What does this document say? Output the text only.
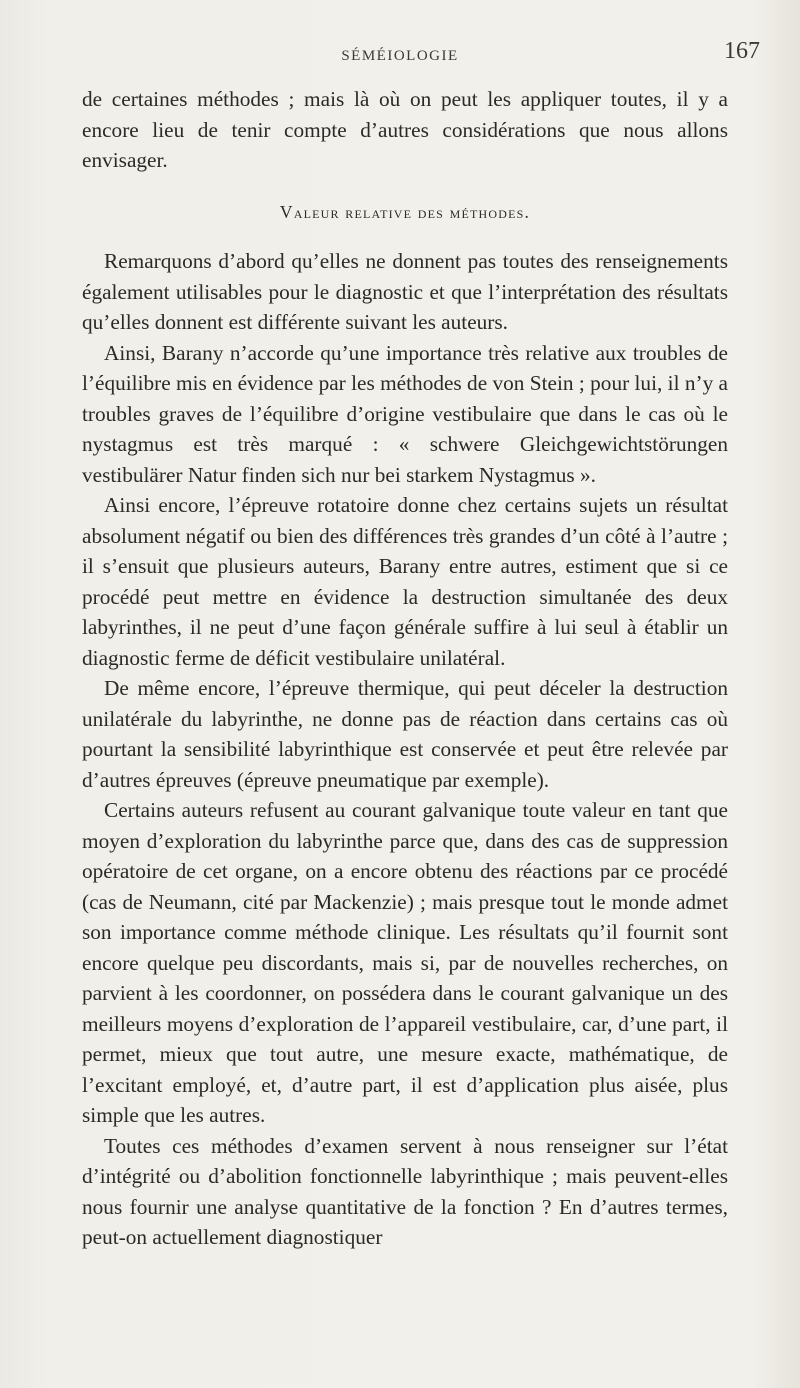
SÉMÉIOLOGIE	167

de certaines méthodes ; mais là où on peut les appliquer toutes, il y a encore lieu de tenir compte d’autres considérations que nous allons envisager.

Valeur relative des méthodes.

Remarquons d’abord qu’elles ne donnent pas toutes des renseignements également utilisables pour le diagnostic et que l’interprétation des résultats qu’elles donnent est différente suivant les auteurs.

Ainsi, Barany n’accorde qu’une importance très relative aux troubles de l’équilibre mis en évidence par les méthodes de von Stein ; pour lui, il n’y a troubles graves de l’équilibre d’origine vestibulaire que dans le cas où le nystagmus est très marqué : « schwere Gleichgewichtstörungen vestibulärer Natur finden sich nur bei starkem Nystagmus ».

Ainsi encore, l’épreuve rotatoire donne chez certains sujets un résultat absolument négatif ou bien des différences très grandes d’un côté à l’autre ; il s’ensuit que plusieurs auteurs, Barany entre autres, estiment que si ce procédé peut mettre en évidence la destruction simultanée des deux labyrinthes, il ne peut d’une façon générale suffire à lui seul à établir un diagnostic ferme de déficit vestibulaire unilatéral.

De même encore, l’épreuve thermique, qui peut déceler la destruction unilatérale du labyrinthe, ne donne pas de réaction dans certains cas où pourtant la sensibilité labyrinthique est conservée et peut être relevée par d’autres épreuves (épreuve pneumatique par exemple).

Certains auteurs refusent au courant galvanique toute valeur en tant que moyen d’exploration du labyrinthe parce que, dans des cas de suppression opératoire de cet organe, on a encore obtenu des réactions par ce procédé (cas de Neumann, cité par Mackenzie) ; mais presque tout le monde admet son importance comme méthode clinique. Les résultats qu’il fournit sont encore quelque peu discordants, mais si, par de nouvelles recherches, on parvient à les coordonner, on possédera dans le courant galvanique un des meilleurs moyens d’exploration de l’appareil vestibulaire, car, d’une part, il permet, mieux que tout autre, une mesure exacte, mathématique, de l’excitant employé, et, d’autre part, il est d’application plus aisée, plus simple que les autres.

Toutes ces méthodes d’examen servent à nous renseigner sur l’état d’intégrité ou d’abolition fonctionnelle labyrinthique ; mais peuvent-elles nous fournir une analyse quantitative de la fonction ? En d’autres termes, peut-on actuellement diagnostiquer
